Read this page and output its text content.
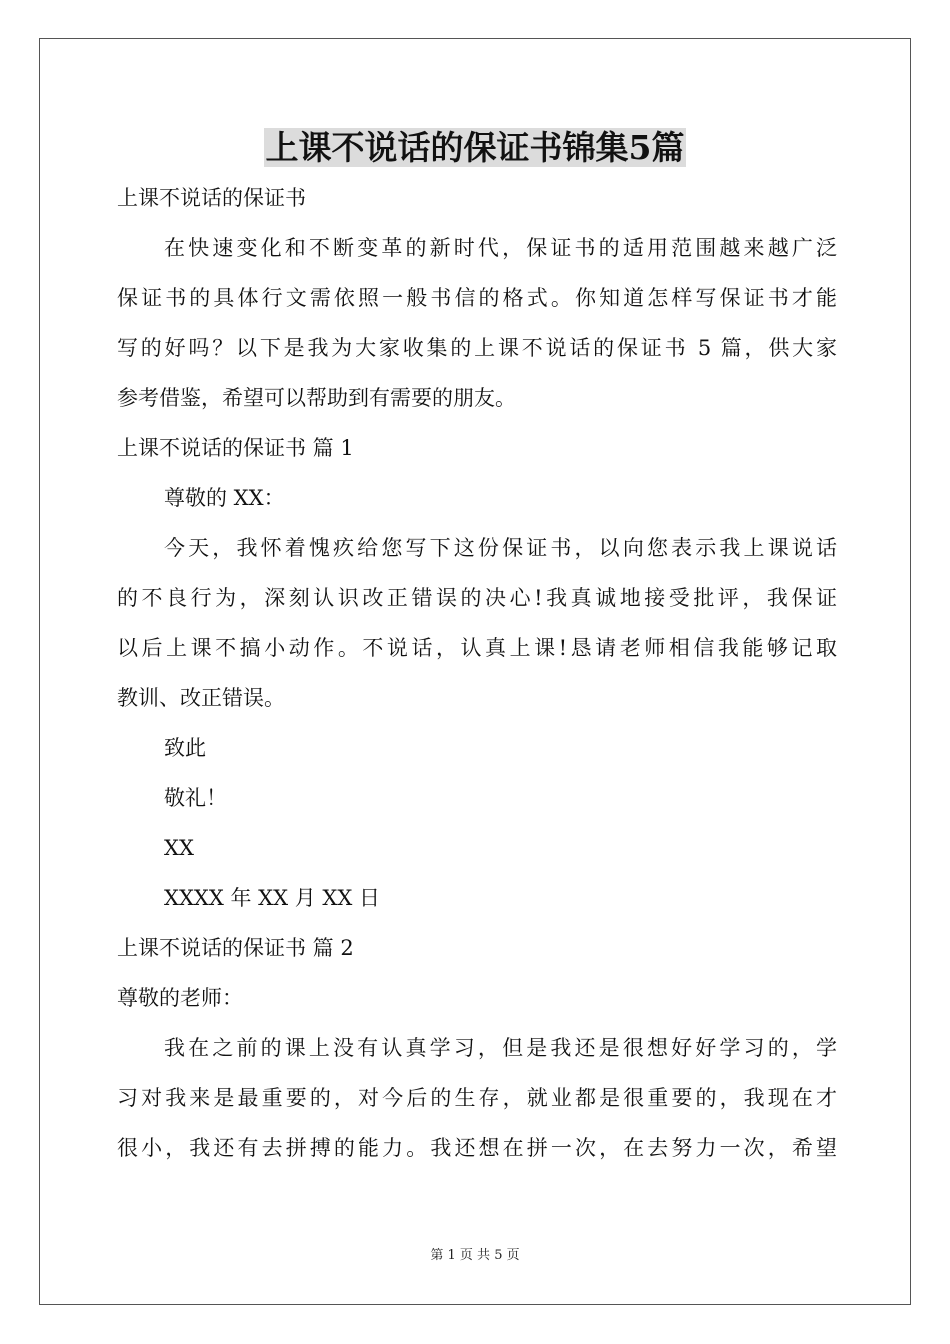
上课不说话的保证书锦集5篇
上课不说话的保证书
在快速变化和不断变革的新时代，保证书的适用范围越来越广泛
保证书的具体行文需依照一般书信的格式。你知道怎样写保证书才能
写的好吗？以下是我为大家收集的上课不说话的保证书 5 篇，供大家
参考借鉴，希望可以帮助到有需要的朋友。
上课不说话的保证书 篇 1
尊敬的 XX：
今天，我怀着愧疚给您写下这份保证书，以向您表示我上课说话
的不良行为，深刻认识改正错误的决心!我真诚地接受批评，我保证
以后上课不搞小动作。不说话，认真上课!恳请老师相信我能够记取
教训、改正错误。
致此
敬礼！
XX
XXXX 年 XX 月 XX 日
上课不说话的保证书 篇 2
尊敬的老师：
我在之前的课上没有认真学习，但是我还是很想好好学习的，学
习对我来是最重要的，对今后的生存，就业都是很重要的，我现在才
很小，我还有去拼搏的能力。我还想在拼一次，在去努力一次，希望
第 1 页 共 5 页
